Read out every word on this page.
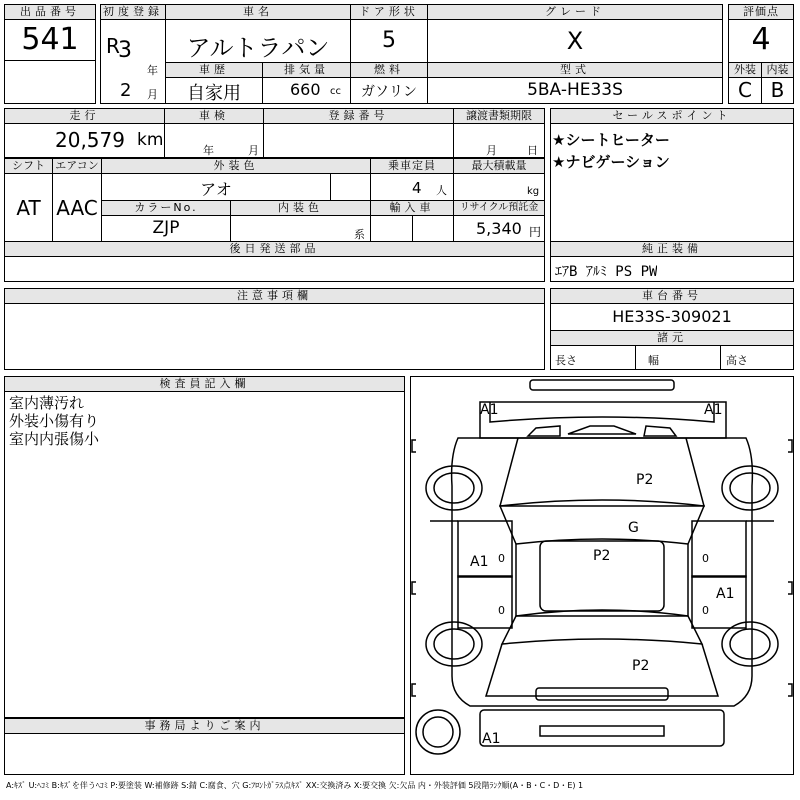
出品番号
541
初度登録
R
3
年
2 月
車名
アルトラパン
ドア形状
5
グレード
X
評価点
4
車歴
自家用
排気量
660 cc
燃料
ガソリン
型式
5BA-HE33S
外装 内装
C B
走行
20,579 km
車検
年	月
登録番号	譲渡書類期限
月	日
シフト
AT
エアコン
AAC
外装色
アオ
乗車定員
4 人
最大積載量
kg
カラーNo.
ZJP
内装色
系
輸入車	リサイクル預託金
5,340 円
後日発送部品
セールスポイント
★シートヒーター
★ナビゲーション
純正装備
ｴｱB ｱﾙﾐ PS PW
注意事項欄	車台番号
HE33S-309021
諸元
長さ	幅	高さ
検査員記入欄
室内薄汚れ
外装小傷有り
室内内張傷小
事務局よりご案内
A1	A1
P2
G
A1	P2
A1
P2
A1
0
0
0
0
A:ｷｽﾞ U:ﾍｺﾐ B:ｷｽﾞを伴うﾍｺﾐ P:要塗装 W:補修跡 S:錆 C:腐食、穴 G:ﾌﾛﾝﾄｶﾞﾗｽ点ｷｽﾞ XX:交換済み X:要交換 欠:欠品 内・外装評価 5段階ﾗﾝｸ順(A・B・C・D・E) 1
